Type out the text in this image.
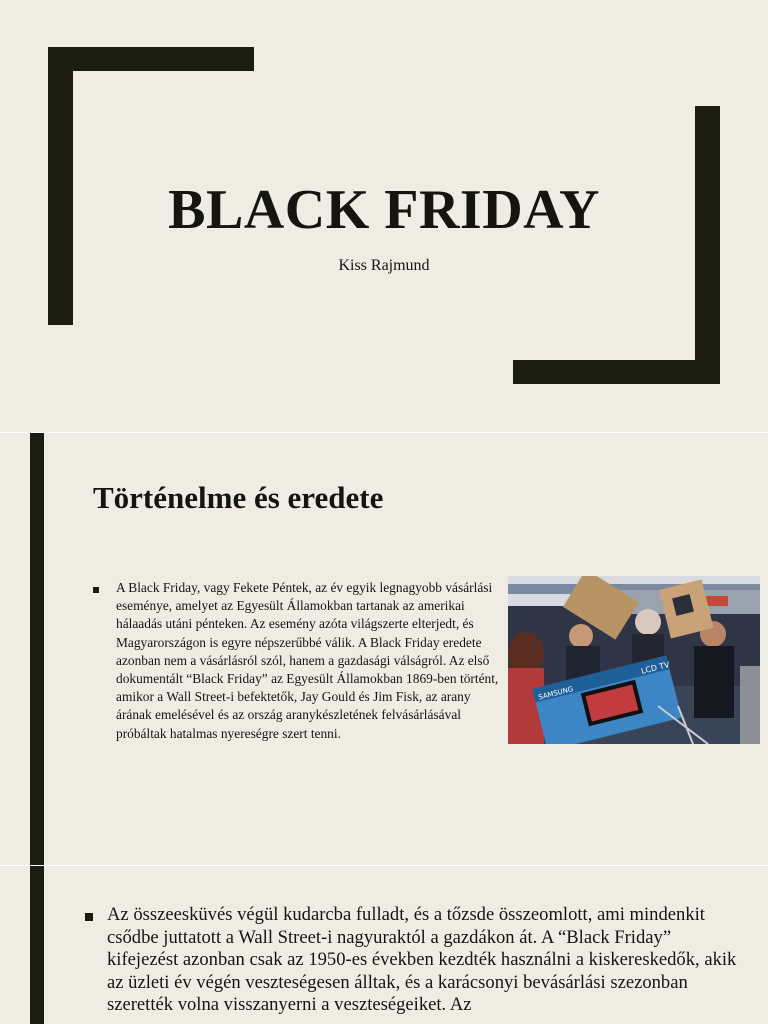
BLACK FRIDAY
Kiss Rajmund
Történelme és eredete
A Black Friday, vagy Fekete Péntek, az év egyik legnagyobb vásárlási eseménye, amelyet az Egyesült Államokban tartanak az amerikai hálaadás utáni pénteken. Az esemény azóta világszerte elterjedt, és Magyarországon is egyre népszerűbbé válik. A Black Friday eredete azonban nem a vásárlásról szól, hanem a gazdasági válságról. Az első dokumentált “Black Friday” az Egyesült Államokban 1869-ben történt, amikor a Wall Street-i befektetők, Jay Gould és Jim Fisk, az arany árának emelésével és az ország aranykészletének felvásárlásával próbáltak hatalmas nyereségre szert tenni.
LCD TV
SAMSUNG
Az összeesküvés végül kudarcba fulladt, és a tőzsde összeomlott, ami mindenkit csődbe juttatott a Wall Street-i nagyuraktól a gazdákon át. A “Black Friday” kifejezést azonban csak az 1950-es években kezdték használni a kiskereskedők, akik az üzleti év végén veszteségesen álltak, és a karácsonyi bevásárlási szezonban szerették volna visszanyerni a veszteségeiket. Az
